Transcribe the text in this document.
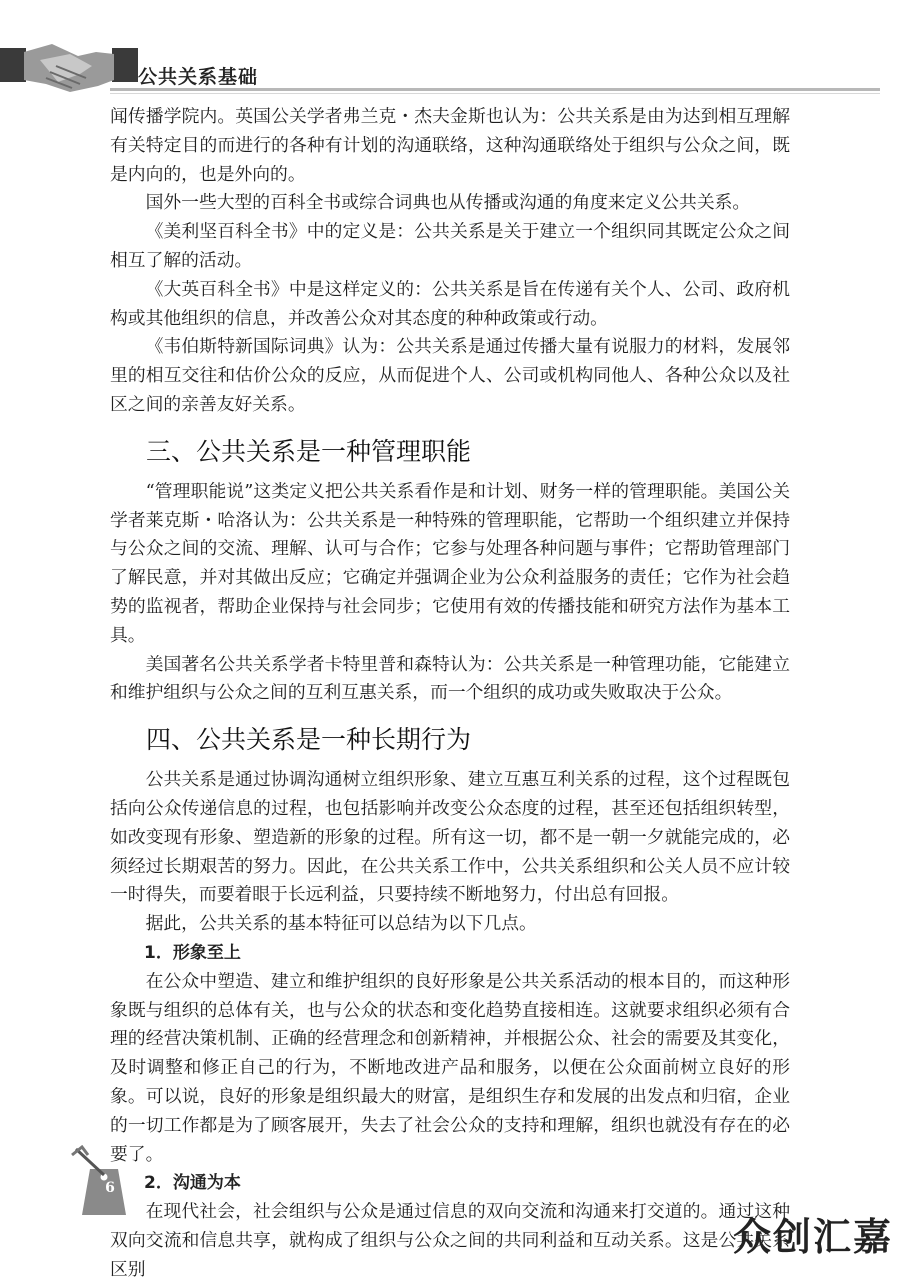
公共关系基础

闻传播学院内。英国公关学者弗兰克・杰夫金斯也认为：公共关系是由为达到相互理解有关特定目的而进行的各种有计划的沟通联络，这种沟通联络处于组织与公众之间，既是内向的，也是外向的。

国外一些大型的百科全书或综合词典也从传播或沟通的角度来定义公共关系。

《美利坚百科全书》中的定义是：公共关系是关于建立一个组织同其既定公众之间相互了解的活动。

《大英百科全书》中是这样定义的：公共关系是旨在传递有关个人、公司、政府机构或其他组织的信息，并改善公众对其态度的种种政策或行动。

《韦伯斯特新国际词典》认为：公共关系是通过传播大量有说服力的材料，发展邻里的相互交往和估价公众的反应，从而促进个人、公司或机构同他人、各种公众以及社区之间的亲善友好关系。

三、公共关系是一种管理职能

“管理职能说”这类定义把公共关系看作是和计划、财务一样的管理职能。美国公关学者莱克斯・哈洛认为：公共关系是一种特殊的管理职能，它帮助一个组织建立并保持与公众之间的交流、理解、认可与合作；它参与处理各种问题与事件；它帮助管理部门了解民意，并对其做出反应；它确定并强调企业为公众利益服务的责任；它作为社会趋势的监视者，帮助企业保持与社会同步；它使用有效的传播技能和研究方法作为基本工具。

美国著名公共关系学者卡特里普和森特认为：公共关系是一种管理功能，它能建立和维护组织与公众之间的互利互惠关系，而一个组织的成功或失败取决于公众。

四、公共关系是一种长期行为

公共关系是通过协调沟通树立组织形象、建立互惠互利关系的过程，这个过程既包括向公众传递信息的过程，也包括影响并改变公众态度的过程，甚至还包括组织转型，如改变现有形象、塑造新的形象的过程。所有这一切，都不是一朝一夕就能完成的，必须经过长期艰苦的努力。因此，在公共关系工作中，公共关系组织和公关人员不应计较一时得失，而要着眼于长远利益，只要持续不断地努力，付出总有回报。

据此，公共关系的基本特征可以总结为以下几点。

1．形象至上

在公众中塑造、建立和维护组织的良好形象是公共关系活动的根本目的，而这种形象既与组织的总体有关，也与公众的状态和变化趋势直接相连。这就要求组织必须有合理的经营决策机制、正确的经营理念和创新精神，并根据公众、社会的需要及其变化，及时调整和修正自己的行为，不断地改进产品和服务，以便在公众面前树立良好的形象。可以说，良好的形象是组织最大的财富，是组织生存和发展的出发点和归宿，企业的一切工作都是为了顾客展开，失去了社会公众的支持和理解，组织也就没有存在的必要了。

2．沟通为本

在现代社会，社会组织与公众是通过信息的双向交流和沟通来打交道的。通过这种双向交流和信息共享，就构成了组织与公众之间的共同利益和互动关系。这是公共关系区别

6
众创汇嘉
